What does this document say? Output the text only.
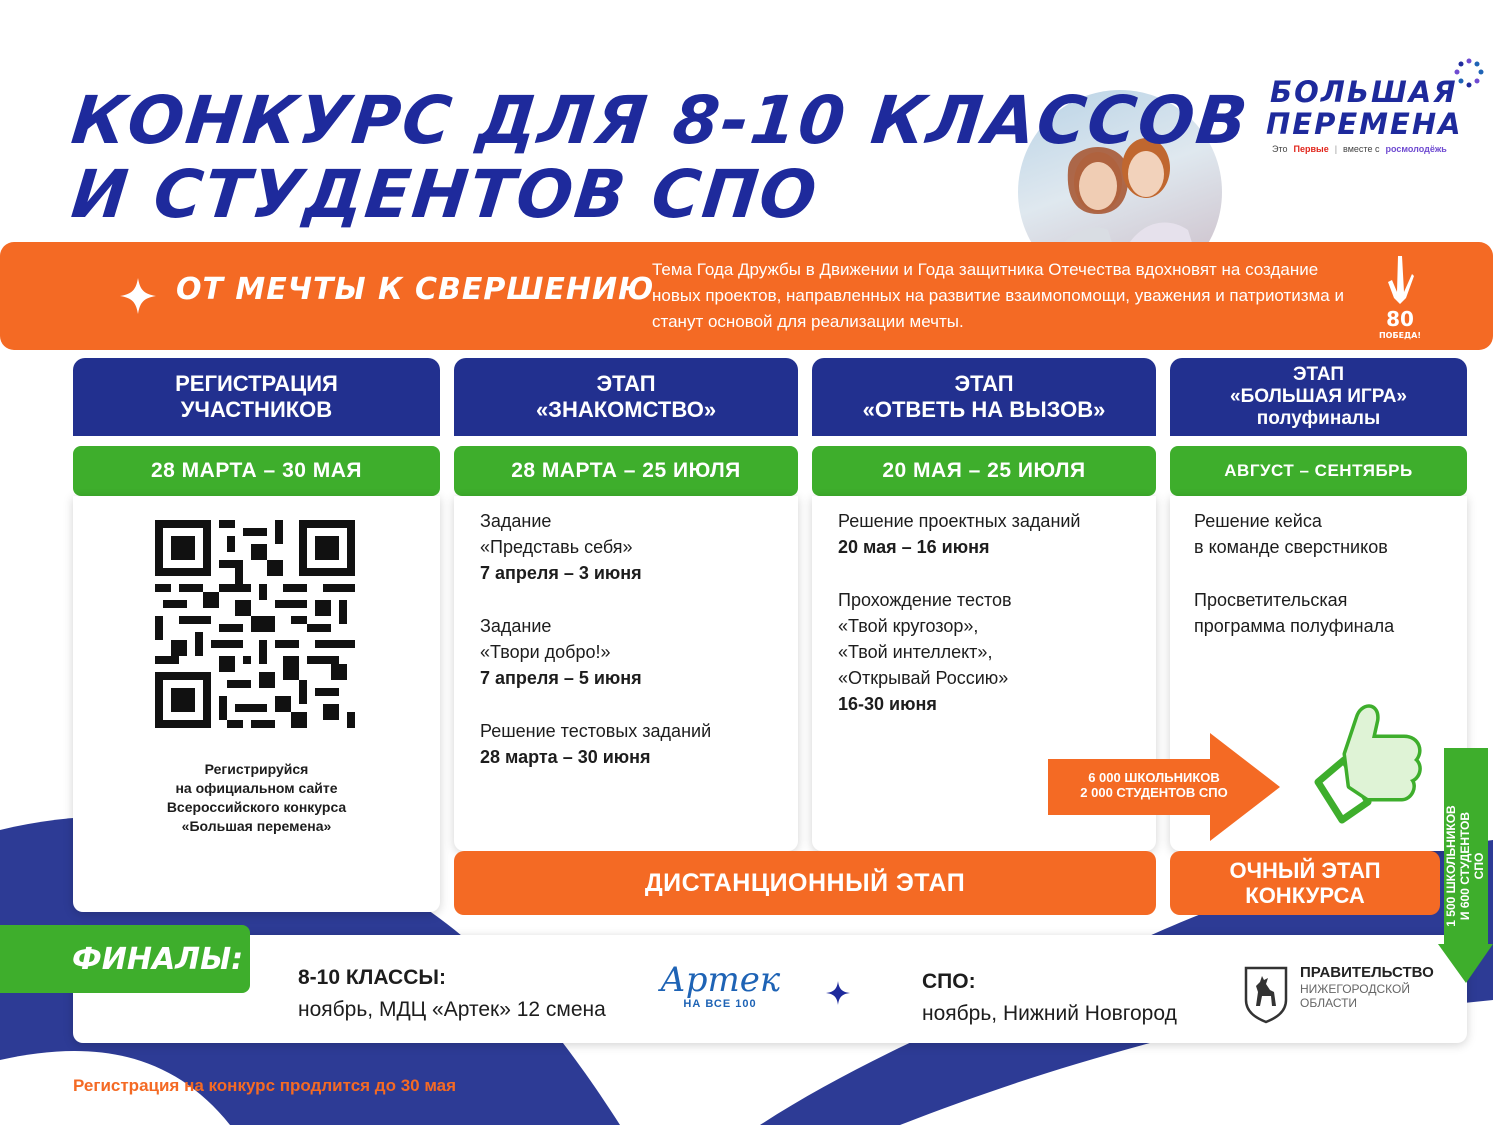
КОНКУРС ДЛЯ 8-10 КЛАССОВ
И СТУДЕНТОВ СПО
БОЛЬШАЯ
ПЕРЕМЕНА
Это Первые | вместе с росмолодёжь
ОТ МЕЧТЫ К СВЕРШЕНИЮ
Тема Года Дружбы в Движении и Года защитника Отечества вдохновят на создание новых проектов, направленных на развитие взаимопомощи, уважения и патриотизма и станут основой для реализации мечты.	80
ПОБЕДА!
РЕГИСТРАЦИЯ
УЧАСТНИКОВ
28 МАРТА – 30 МАЯ
Регистрируйся
на официальном сайте
Всероссийского конкурса
«Большая перемена»
ЭТАП
«ЗНАКОМСТВО»
28 МАРТА – 25 ИЮЛЯ
Задание
«Представь себя»
7 апреля – 3 июня
Задание
«Твори добро!»
7 апреля – 5 июня
Решение тестовых заданий
28 марта – 30 июня
ЭТАП
«ОТВЕТЬ НА ВЫЗОВ»
20 МАЯ – 25 ИЮЛЯ
Решение проектных заданий
20 мая – 16 июня
Прохождение тестов
«Твой кругозор»,
«Твой интеллект»,
«Открывай Россию»
16-30 июня
ЭТАП
«БОЛЬШАЯ ИГРА»
полуфиналы
АВГУСТ – СЕНТЯБРЬ
Решение кейса
в команде сверстников
Просветительская
программа полуфинала
6 000 ШКОЛЬНИКОВ
2 000 СТУДЕНТОВ СПО
ДИСТАНЦИОННЫЙ ЭТАП	ОЧНЫЙ ЭТАП
КОНКУРСА	1 500 ШКОЛЬНИКОВ И 600 СТУДЕНТОВ СПО
ФИНАЛЫ:
8-10 КЛАССЫ:
ноябрь, МДЦ «Артек» 12 смена
Артек
НА ВСЕ 100
СПО:
ноябрь, Нижний Новгород
ПРАВИТЕЛЬСТВО
НИЖЕГОРОДСКОЙ
ОБЛАСТИ
Регистрация на конкурс продлится до 30 мая
